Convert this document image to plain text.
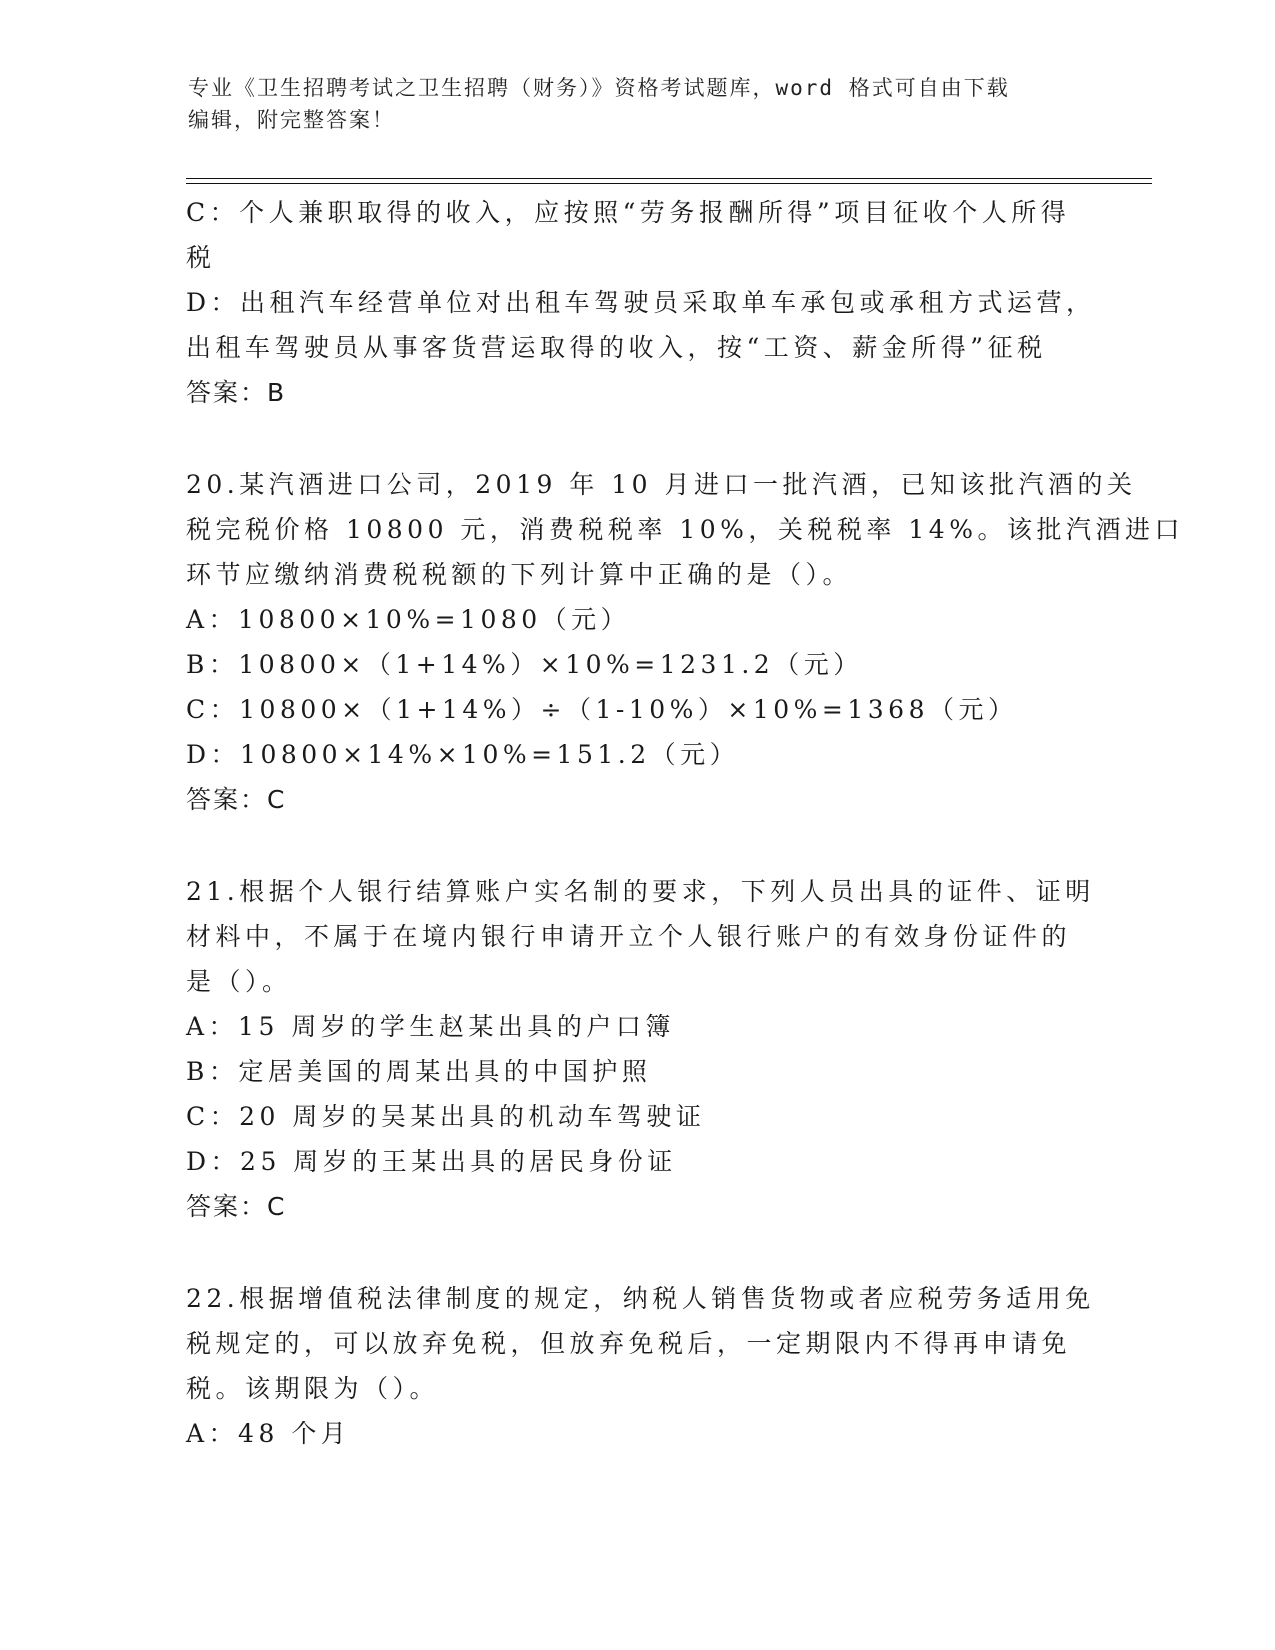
专业《卫生招聘考试之卫生招聘（财务）》资格考试题库，word 格式可自由下载
编辑，附完整答案！
C：个人兼职取得的收入，应按照“劳务报酬所得”项目征收个人所得
税
D：出租汽车经营单位对出租车驾驶员采取单车承包或承租方式运营，
出租车驾驶员从事客货营运取得的收入，按“工资、薪金所得”征税
答案：B
20.某汽酒进口公司，2019 年 10 月进口一批汽酒，已知该批汽酒的关
税完税价格 10800 元，消费税税率 10%，关税税率 14%。该批汽酒进口
环节应缴纳消费税税额的下列计算中正确的是（）。
A：10800×10%=1080（元）
B：10800×（1+14%）×10%=1231.2（元）
C：10800×（1+14%）÷（1-10%）×10%=1368（元）
D：10800×14%×10%=151.2（元）
答案：C
21.根据个人银行结算账户实名制的要求，下列人员出具的证件、证明
材料中，不属于在境内银行申请开立个人银行账户的有效身份证件的
是（）。
A：15 周岁的学生赵某出具的户口簿
B：定居美国的周某出具的中国护照
C：20 周岁的吴某出具的机动车驾驶证
D：25 周岁的王某出具的居民身份证
答案：C
22.根据增值税法律制度的规定，纳税人销售货物或者应税劳务适用免
税规定的，可以放弃免税，但放弃免税后，一定期限内不得再申请免
税。该期限为（）。
A：48 个月
